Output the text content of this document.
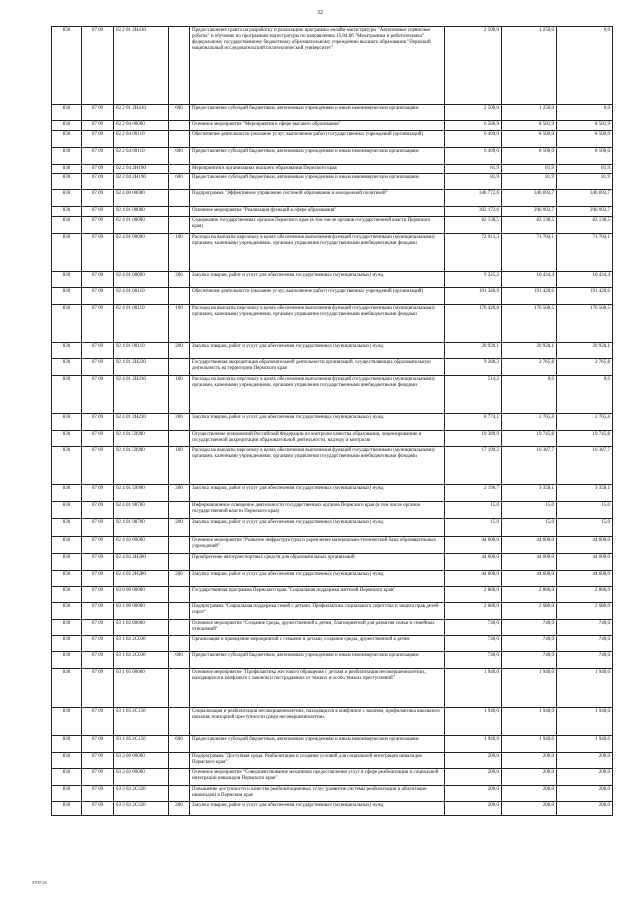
32
830	07 09	02 2 01 2Н410		Предоставление гранта на разработку и реализацию программы онлайн-магистратуры "Автономные сервисные роботы" и обучение по программам магистратуры по направлению 15.04.06 "Мехатроника и робототехника" федеральному государственному бюджетному образовательному учреждению высшего образования "Пермский национальный исследовательский политехнический университет"	2 500,0	1 250,0	0,0
830	07 09	02 2 01 2Н410	600	Предоставление субсидий бюджетным, автономным учреждениям и иным некоммерческим организациям	2 500,0	1 250,0	0,0
830	07 09	02 2 04 00000		Основное мероприятие "Мероприятия в сфере высшего образования"	6 580,9	8 581,9	8 581,9
830	07 09	02 2 04 00110		Обеспечение деятельности (оказание услуг, выполнение работ) государственных учреждений (организаций)	6 499,0	8 500,0	8 500,0
830	07 09	02 2 04 00110	600	Предоставление субсидий бюджетным, автономным учреждениям и иным некоммерческим организациям	6 499,0	8 500,0	8 500,0
830	07 09	02 2 04 2Н190		Мероприятия в организациях высшего образования Пермского края	81,9	81,9	81,9
830	07 09	02 2 04 2Н190	600	Предоставление субсидий бюджетным, автономным учреждениям и иным некоммерческим организациям	81,9	81,9	81,9
830	07 09	02 4 00 00000		Подпрограмма "Эффективное управление системой образования и молодежной политикой"	346 772,6	340 693,7	340 693,7
830	07 09	02 4 01 00000		Основное мероприятие "Реализация функций в сфере образования"	302 172,6	296 093,7	296 093,7
830	07 09	02 4 01 00090		Содержание государственных органов Пермского края (в том числе органов государственной власти Пермского края)	82 138,5	82 138,5	82 138,5
830	07 09	02 4 01 00090	100	Расходы на выплаты персоналу в целях обеспечения выполнения функций государственными (муниципальными) органами, казенными учреждениями, органами управления государственными внебюджетными фондами	72 913,3	71 704,1	71 704,1
830	07 09	02 4 01 00090	200	Закупка товаров, работ и услуг для обеспечения государственных (муниципальных) нужд	9 225,2	10 434,4	10 434,4
830	07 09	02 4 01 00110		Обеспечение деятельности (оказание услуг, выполнение работ) государственных учреждений (организаций)	191 340,9	191 428,6	191 428,6
830	07 09	02 4 01 00110	100	Расходы на выплаты персоналу в целях обеспечения выполнения функций государственными (муниципальными) органами, казенными учреждениями, органами управления государственными внебюджетными фондами	170 420,8	170 508,5	170 508,5
830	07 09	02 4 01 00110	200	Закупка товаров, работ и услуг для обеспечения государственных (муниципальных) нужд	20 920,1	20 920,1	20 920,1
830	07 09	02 4 01 2Н230		Государственная аккредитация образовательной деятельности организаций, осуществляющих образовательную деятельность на территории Пермского края	9 288,3	2 765,8	2 765,8
830	07 09	02 4 01 2Н230	100	Расходы на выплаты персоналу в целях обеспечения выполнения функций государственными (муниципальными) органами, казенными учреждениями, органами управления государственными внебюджетными фондами	514,2	0,0	0,0
830	07 09	02 4 01 2Н230	200	Закупка товаров, работ и услуг для обеспечения государственных (муниципальных) нужд	8 774,1	2 765,8	2 765,8
830	07 09	02 4 01 59900		Осуществление полномочий Российской Федерации по контролю качества образования, лицензированию и государственной аккредитации образовательной деятельности, надзору и контролю	19 389,9	19 745,8	19 745,8
830	07 09	02 4 01 59900	100	Расходы на выплаты персоналу в целях обеспечения выполнения функций государственными (муниципальными) органами, казенными учреждениями, органами управления государственными внебюджетными фондами	17 199,2	16 387,7	16 387,7
830	07 09	02 4 01 59900	200	Закупка товаров, работ и услуг для обеспечения государственных (муниципальных) нужд	2 190,7	3 358,1	3 358,1
830	07 09	02 4 01 98700		Информационное освещение деятельности государственных органов Пермского края (в том числе органов государственной власти Пермского края)	15,0	15,0	15,0
830	07 09	02 4 01 98700	200	Закупка товаров, работ и услуг для обеспечения государственных (муниципальных) нужд	15,0	15,0	15,0
830	07 09	02 4 02 00000		Основное мероприятие "Развитие инфраструктуры и укрепление материально-технической базы образовательных учреждений"	44 600,0	44 600,0	44 600,0
830	07 09	02 4 02 2Н280		Приобретение автотранспортных средств для образовательных организаций	44 600,0	44 600,0	44 600,0
830	07 09	02 4 02 2Н280	200	Закупка товаров, работ и услуг для обеспечения государственных (муниципальных) нужд	44 600,0	44 600,0	44 600,0
830	07 09	03 0 00 00000		Государственная программа Пермского края "Социальная поддержка жителей Пермского края"	2 880,0	2 880,0	2 880,0
830	07 09	03 1 00 00000		Подпрограмма "Социальная поддержка семей с детьми. Профилактика социального сиротства и защита прав детей-сирот"	2 680,0	2 680,0	2 680,0
830	07 09	03 1 02 00000		Основное мероприятие "Создание среды, дружественной к детям, благоприятной для развития семьи и семейных отношений"	740,0	740,0	740,0
830	07 09	03 1 02 2С030		Организация и проведение мероприятий с семьями и детьми, создание среды, дружественной к детям	740,0	740,0	740,0
830	07 09	03 1 02 2С030	600	Предоставление субсидий бюджетным, автономным учреждениям и иным некоммерческим организациям	740,0	740,0	740,0
830	07 09	03 1 05 00000		Основное мероприятие "Профилактика жестокого обращения с детьми и реабилитация несовершеннолетних, находящихся в конфликте с законом и пострадавших от тяжких и особо тяжких преступлений"	1 940,0	1 940,0	1 940,0
830	07 09	03 1 05 2С150		Социализация и реабилитация несовершеннолетних, находящихся в конфликте с законом, профилактика школьного насилия, повторной преступности среди несовершеннолетних	1 940,0	1 940,0	1 940,0
830	07 09	03 1 05 2С150	600	Предоставление субсидий бюджетным, автономным учреждениям и иным некоммерческим организациям	1 940,0	1 940,0	1 940,0
830	07 09	03 3 00 00000		Подпрограмма "Доступная среда. Реабилитация и создание условий для социальной интеграции инвалидов Пермского края"	200,0	200,0	200,0
830	07 09	03 3 02 00000		Основное мероприятие "Совершенствование механизма предоставления услуг в сфере реабилитации и социальной интеграции инвалидов Пермского края"	200,0	200,0	200,0
830	07 09	03 3 02 2С320		Повышение доступности и качества реабилитационных услуг (развитие системы реабилитации и абилитации инвалидов) в Пермском крае	200,0	200,0	200,0
830	07 09	03 3 02 2С320	200	Закупка товаров, работ и услуг для обеспечения государственных (муниципальных) нужд	200,0	200,0	200,0
3797-21
